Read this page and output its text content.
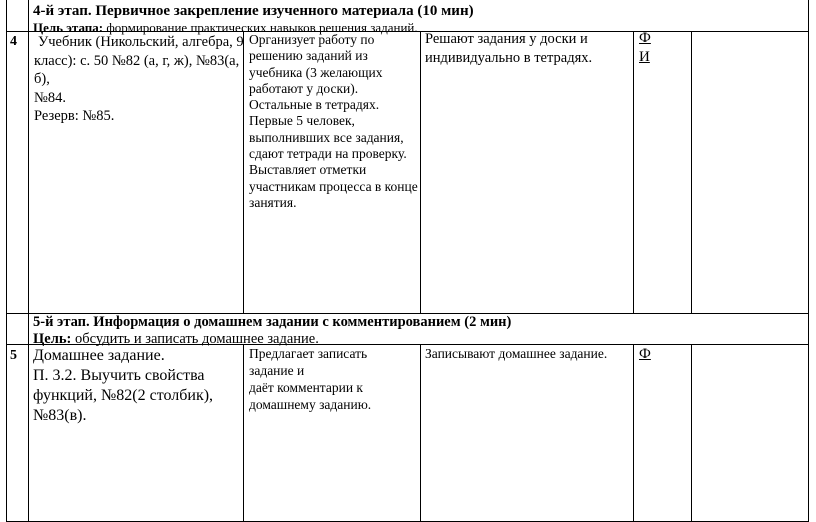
4-й этап. Первичное закрепление изученного материала (10 мин)
Цель этапа: формирование практических навыков решения заданий.
4 Учебник (Никольский, алгебра, 9
класс): с. 50 №82 (а, г, ж), №83(а, б),
№84.
Резерв: №85.
Организует работу по
решению заданий из
учебника (3 желающих
работают у доски).
Остальные в тетрадях.
Первые 5 человек,
выполнивших все задания,
сдают тетради на проверку.
Выставляет отметки
участникам процесса в конце
занятия.
Решают задания у доски и
индивидуально в тетрадях.
Ф
И
5-й этап. Информация о домашнем задании с комментированием (2 мин)
Цель: обсудить и записать домашнее задание.
5 Домашнее задание.
П. 3.2. Выучить свойства
функций, №82(2 столбик),
№83(в).
Предлагает записать
задание и
даёт комментарии к
домашнему заданию.
Записывают домашнее задание.	Ф
